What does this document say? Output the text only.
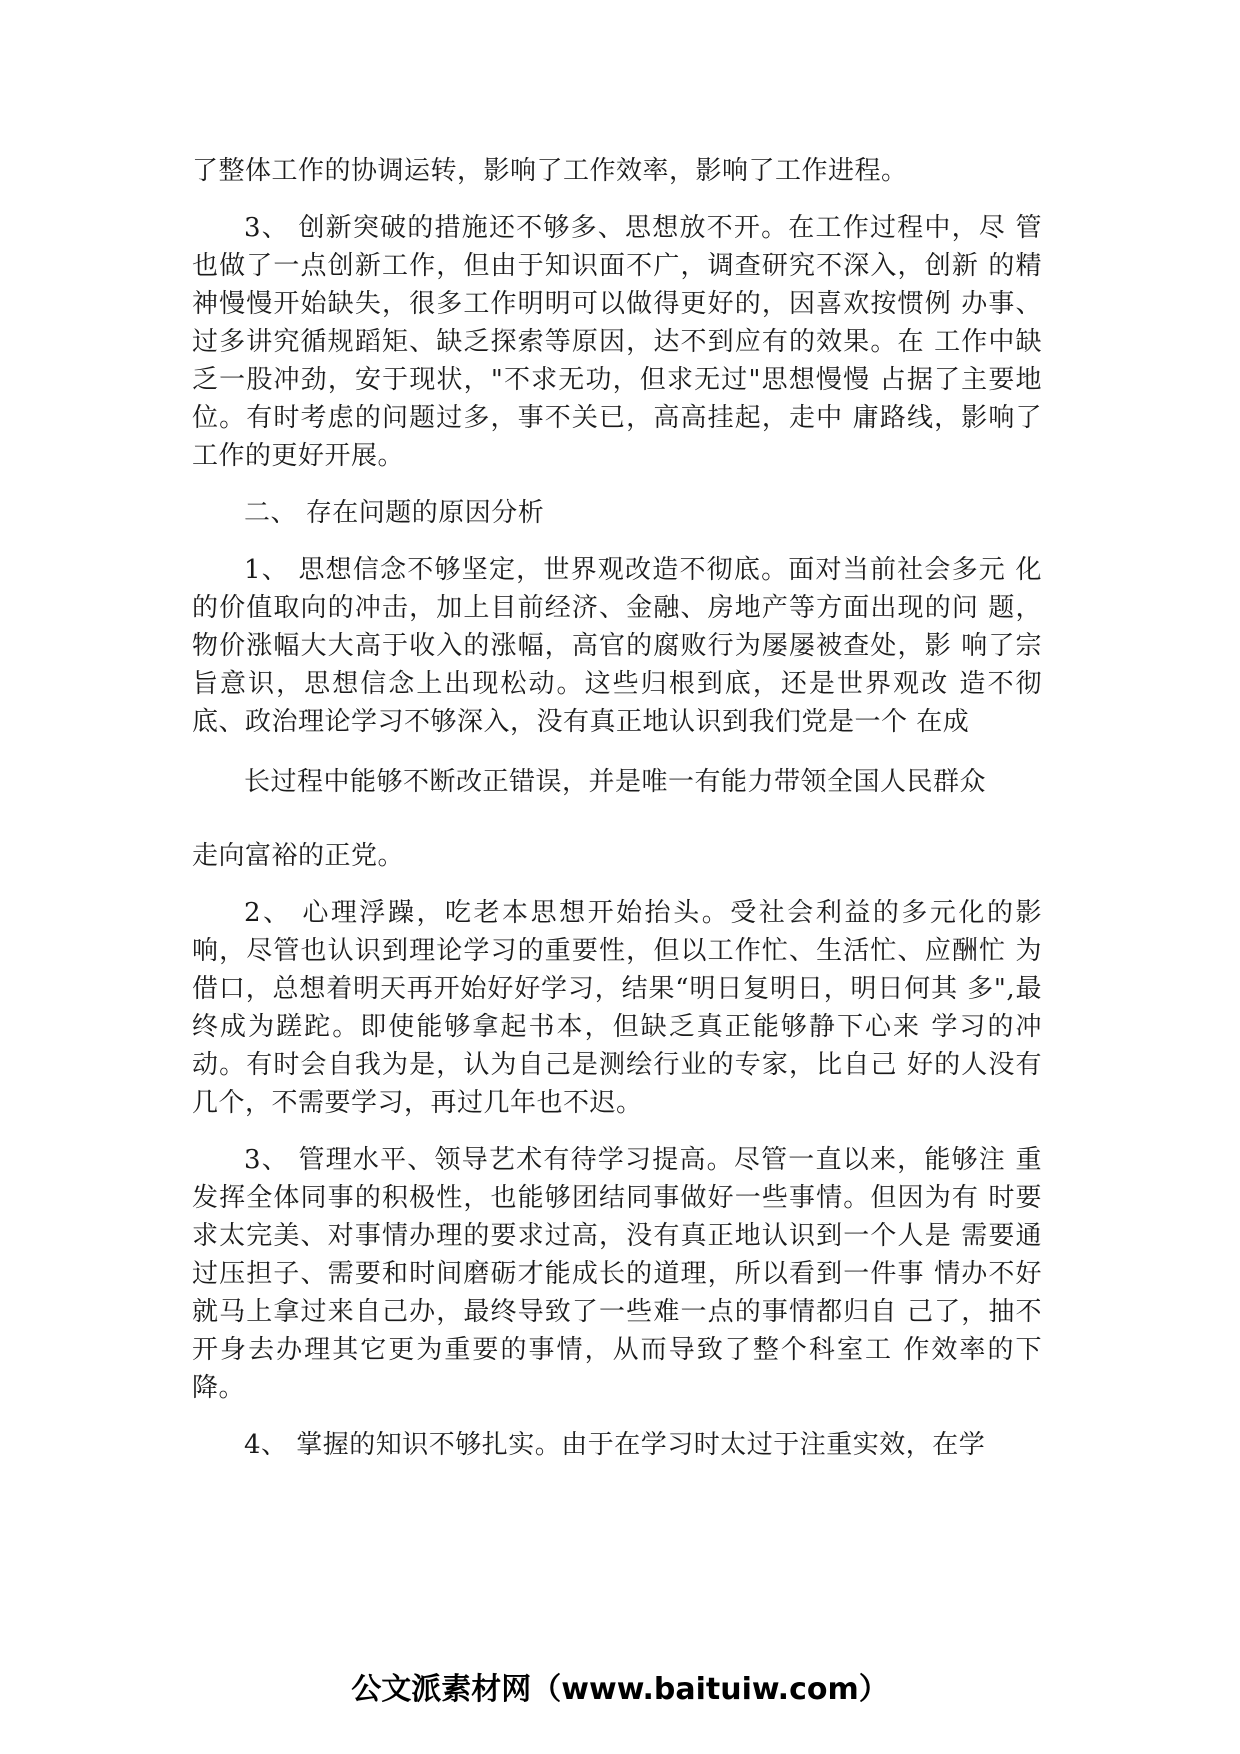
了整体工作的协调运转，影响了工作效率，影响了工作进程。

3、 创新突破的措施还不够多、思想放不开。在工作过程中，尽 管也做了一点创新工作，但由于知识面不广，调查研究不深入，创新 的精神慢慢开始缺失，很多工作明明可以做得更好的，因喜欢按惯例 办事、过多讲究循规蹈矩、缺乏探索等原因，达不到应有的效果。在 工作中缺乏一股冲劲，安于现状，"不求无功，但求无过"思想慢慢 占据了主要地位。有时考虑的问题过多，事不关已，高高挂起，走中 庸路线，影响了工作的更好开展。

二、 存在问题的原因分析

1、 思想信念不够坚定，世界观改造不彻底。面对当前社会多元 化的价值取向的冲击，加上目前经济、金融、房地产等方面出现的问 题，物价涨幅大大高于收入的涨幅，高官的腐败行为屡屡被查处，影 响了宗旨意识，思想信念上出现松动。这些归根到底，还是世界观改 造不彻底、政治理论学习不够深入，没有真正地认识到我们党是一个 在成

长过程中能够不断改正错误，并是唯一有能力带领全国人民群众

走向富裕的正党。

2、 心理浮躁，吃老本思想开始抬头。受社会利益的多元化的影 响，尽管也认识到理论学习的重要性，但以工作忙、生活忙、应酬忙 为借口，总想着明天再开始好好学习，结果“明日复明日，明日何其 多",最终成为蹉跎。即使能够拿起书本，但缺乏真正能够静下心来 学习的冲动。有时会自我为是，认为自己是测绘行业的专家，比自己 好的人没有几个，不需要学习，再过几年也不迟。

3、 管理水平、领导艺术有待学习提高。尽管一直以来，能够注 重发挥全体同事的积极性，也能够团结同事做好一些事情。但因为有 时要求太完美、对事情办理的要求过高，没有真正地认识到一个人是 需要通过压担子、需要和时间磨砺才能成长的道理，所以看到一件事 情办不好就马上拿过来自己办，最终导致了一些难一点的事情都归自 己了，抽不开身去办理其它更为重要的事情，从而导致了整个科室工 作效率的下降。

4、 掌握的知识不够扎实。由于在学习时太过于注重实效，在学

公文派素材网（www.baituiw.com）
